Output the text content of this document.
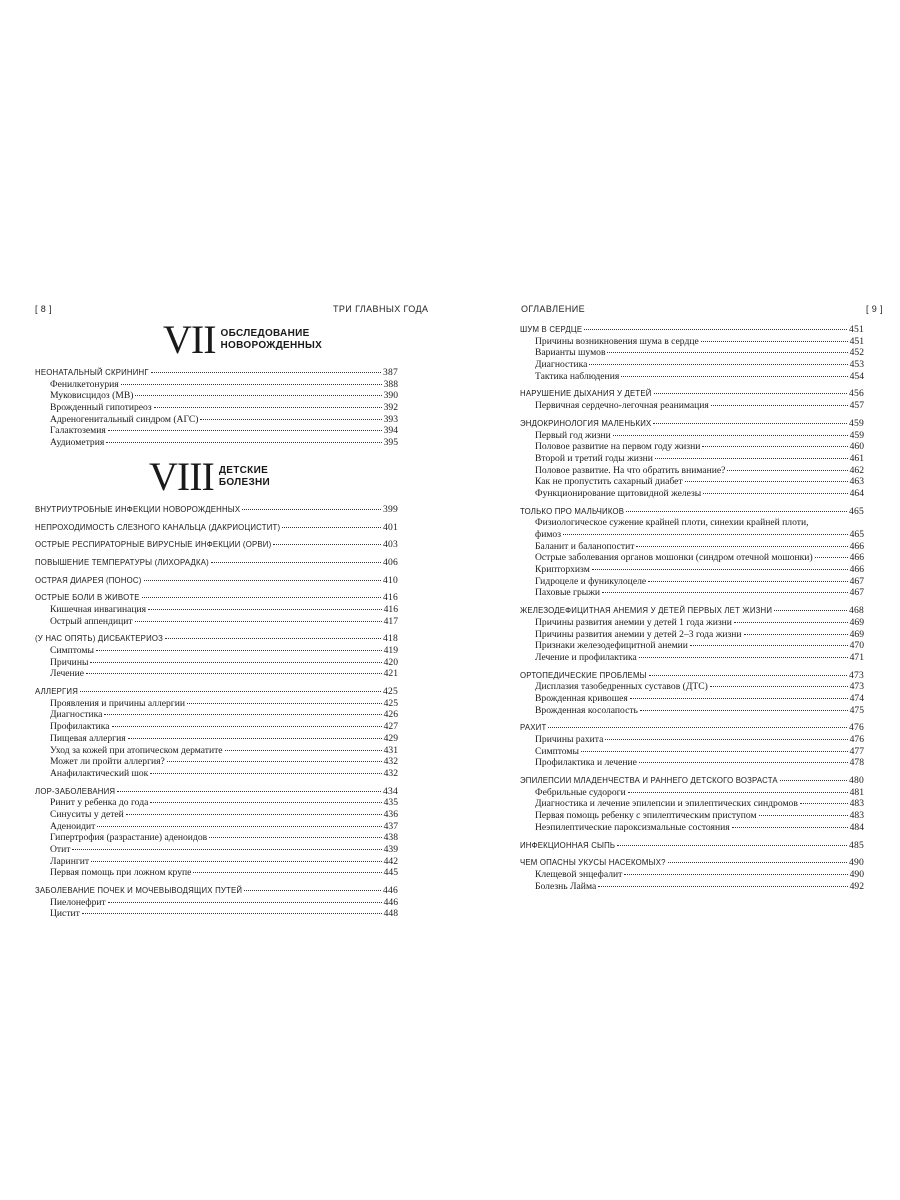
[ 8 ]	ТРИ ГЛАВНЫХ ГОДА	ОГЛАВЛЕНИЕ	[ 9 ]
VII ОБСЛЕДОВАНИЕ
НОВОРОЖДЕННЫХ
НЕОНАТАЛЬНЫЙ СКРИНИНГ	387
Фенилкетонурия	388
Муковисцидоз (МВ)	390
Врожденный гипотиреоз	392
Адреногенитальный синдром (АГС)	393
Галактоземия	394
Аудиометрия	395
VIII ДЕТСКИЕ
БОЛЕЗНИ
ВНУТРИУТРОБНЫЕ ИНФЕКЦИИ НОВОРОЖДЕННЫХ	399
НЕПРОХОДИМОСТЬ СЛЕЗНОГО КАНАЛЬЦА (ДАКРИОЦИСТИТ)	401
ОСТРЫЕ РЕСПИРАТОРНЫЕ ВИРУСНЫЕ ИНФЕКЦИИ (ОРВИ)	403
ПОВЫШЕНИЕ ТЕМПЕРАТУРЫ (ЛИХОРАДКА)	406
ОСТРАЯ ДИАРЕЯ (ПОНОС)	410
ОСТРЫЕ БОЛИ В ЖИВОТЕ	416
Кишечная инвагинация	416
Острый аппендицит	417
(У НАС ОПЯТЬ) ДИСБАКТЕРИОЗ	418
Симптомы	419
Причины	420
Лечение	421
АЛЛЕРГИЯ	425
Проявления и причины аллергии	425
Диагностика	426
Профилактика	427
Пищевая аллергия	429
Уход за кожей при атопическом дерматите	431
Может ли пройти аллергия?	432
Анафилактический шок	432
ЛОР-ЗАБОЛЕВАНИЯ	434
Ринит у ребенка до года	435
Синуситы у детей	436
Аденоидит	437
Гипертрофия (разрастание) аденоидов	438
Отит	439
Ларингит	442
Первая помощь при ложном крупе	445
ЗАБОЛЕВАНИЕ ПОЧЕК И МОЧЕВЫВОДЯЩИХ ПУТЕЙ	446
Пиелонефрит	446
Цистит	448
ШУМ В СЕРДЦЕ	451
Причины возникновения шума в сердце	451
Варианты шумов	452
Диагностика	453
Тактика наблюдения	454
НАРУШЕНИЕ ДЫХАНИЯ У ДЕТЕЙ	456
Первичная сердечно-легочная реанимация	457
ЭНДОКРИНОЛОГИЯ МАЛЕНЬКИХ	459
Первый год жизни	459
Половое развитие на первом году жизни	460
Второй и третий годы жизни	461
Половое развитие. На что обратить внимание?	462
Как не пропустить сахарный диабет	463
Функционирование щитовидной железы	464
ТОЛЬКО ПРО МАЛЬЧИКОВ	465
Физиологическое сужение крайней плоти, синехии крайней плоти,
фимоз	465
Баланит и баланопостит	466
Острые заболевания органов мошонки (синдром отечной мошонки)	466
Крипторхизм	466
Гидроцеле и фуникулоцеле	467
Паховые грыжи	467
ЖЕЛЕЗОДЕФИЦИТНАЯ АНЕМИЯ У ДЕТЕЙ ПЕРВЫХ ЛЕТ ЖИЗНИ	468
Причины развития анемии у детей 1 года жизни	469
Причины развития анемии у детей 2–3 года жизни	469
Признаки железодефицитной анемии	470
Лечение и профилактика	471
ОРТОПЕДИЧЕСКИЕ ПРОБЛЕМЫ	473
Дисплазия тазобедренных суставов (ДТС)	473
Врожденная кривошея	474
Врожденная косолапость	475
РАХИТ	476
Причины рахита	476
Симптомы	477
Профилактика и лечение	478
ЭПИЛЕПСИИ МЛАДЕНЧЕСТВА И РАННЕГО ДЕТСКОГО ВОЗРАСТА	480
Фебрильные судороги	481
Диагностика и лечение эпилепсии и эпилептических синдромов	483
Первая помощь ребенку с эпилептическим приступом	483
Неэпилептические пароксизмальные состояния	484
ИНФЕКЦИОННАЯ СЫПЬ	485
ЧЕМ ОПАСНЫ УКУСЫ НАСЕКОМЫХ?	490
Клещевой энцефалит	490
Болезнь Лайма	492
